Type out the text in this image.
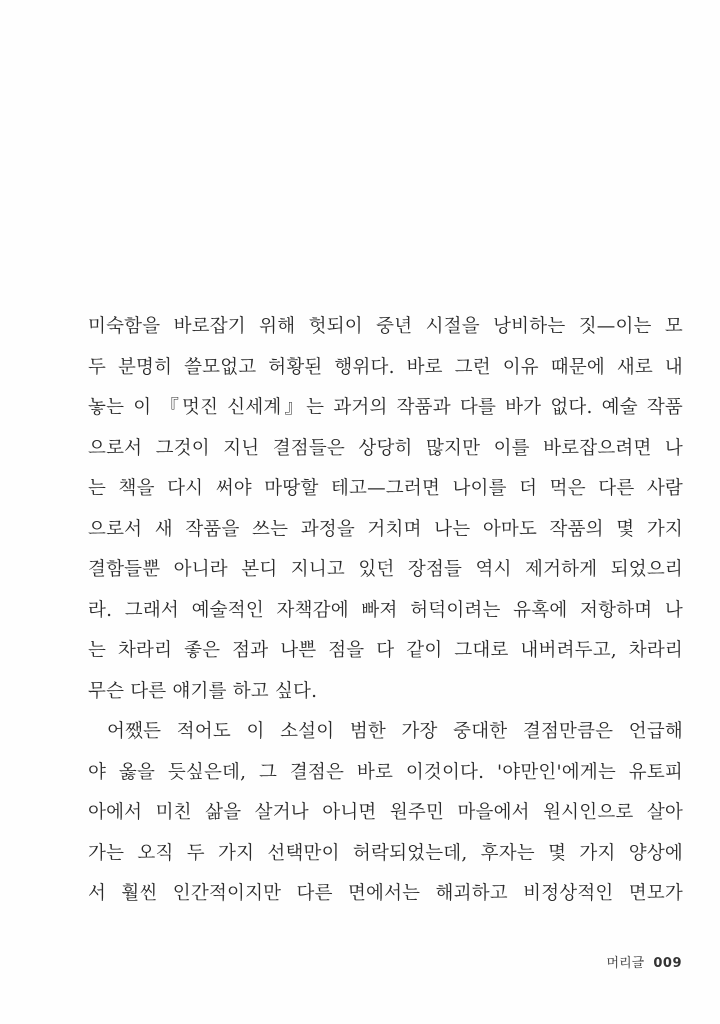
미숙함을 바로잡기 위해 헛되이 중년 시절을 낭비하는 짓—이는 모
두 분명히 쓸모없고 허황된 행위다. 바로 그런 이유 때문에 새로 내
놓는 이 『멋진 신세계』는 과거의 작품과 다를 바가 없다. 예술 작품
으로서 그것이 지닌 결점들은 상당히 많지만 이를 바로잡으려면 나
는 책을 다시 써야 마땅할 테고—그러면 나이를 더 먹은 다른 사람
으로서 새 작품을 쓰는 과정을 거치며 나는 아마도 작품의 몇 가지
결함들뿐 아니라 본디 지니고 있던 장점들 역시 제거하게 되었으리
라. 그래서 예술적인 자책감에 빠져 허덕이려는 유혹에 저항하며 나
는 차라리 좋은 점과 나쁜 점을 다 같이 그대로 내버려두고, 차라리
무슨 다른 얘기를 하고 싶다.
어쨌든 적어도 이 소설이 범한 가장 중대한 결점만큼은 언급해
야 옳을 듯싶은데, 그 결점은 바로 이것이다. '야만인'에게는 유토피
아에서 미친 삶을 살거나 아니면 원주민 마을에서 원시인으로 살아
가는 오직 두 가지 선택만이 허락되었는데, 후자는 몇 가지 양상에
서 훨씬 인간적이지만 다른 면에서는 해괴하고 비정상적인 면모가
머리글 009
